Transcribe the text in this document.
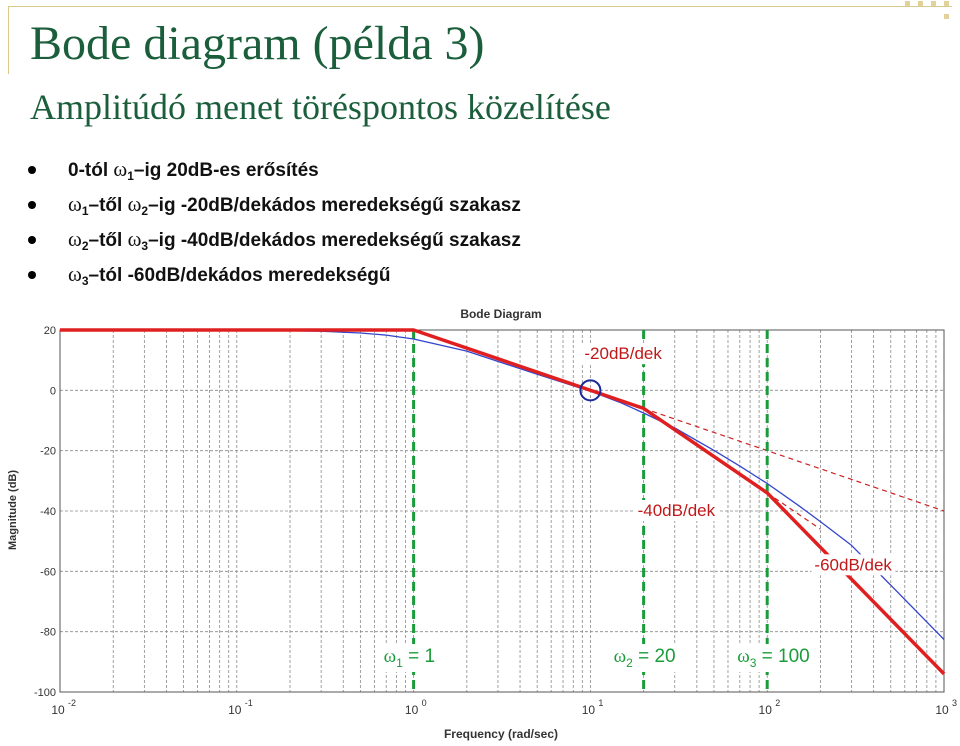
Bode diagram (példa 3)
Amplitúdó menet töréspontos közelítése
0-tól $\omega_1-ig$ 20dB-es erősítés
$\omega_1$–től $\omega_2-ig$ -20dB/dekádos meredekségű szakasz
$\omega_2$–től $\omega_3-ig$ -40dB/dekádos meredekségű szakasz
$\omega_3$–tól -60dB/dekádos meredekségű
Bode Diagram
Magnitude (dB)
Frequency (rad/sec)
20
0
-20
-40
-60
-80
-100
10 -2	10 -1	10 0	10 1	10 2	10 3
-20dB/dek
-40dB/dek
-60dB/dek
$\omega_1 = 1$	$\omega_2 = 20$	$\omega_3 = 100$
